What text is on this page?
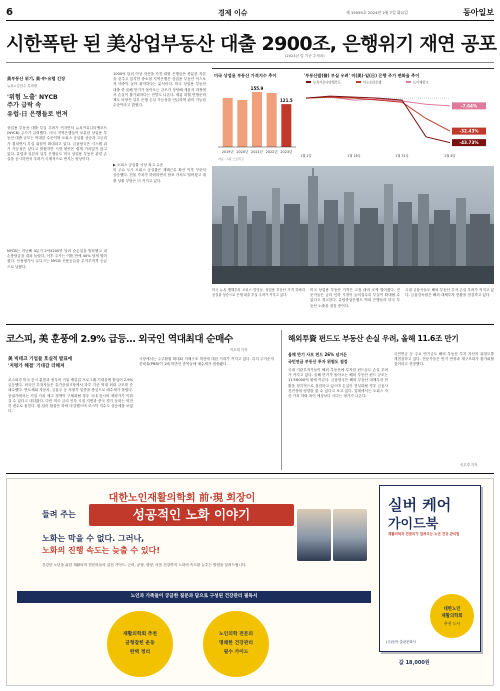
6	경제 이슈	제 19555호 2024년 2월 7일 화요일	동아일보
시한폭탄 된 美상업부동산 대출 2900조, 은행위기 재연 공포
(2023년 말 기준 추정치)
美부동산 위기, 美·中·유럽 긴장
뉴욕=김현수 특파원
'위험 노출' NYCB
주가 급락 속
유럽·日 은행들로 번져
상업용 부동산 대출 부실 우려가 커지면서 뉴욕커뮤니티뱅코프(NYCB) 주가가 급락했다. 미국 지역은행들이 보유한 상업용 부동산 대출 규모는 막대한 수준이며 오피스 공실률 상승과 고금리가 겹치면서 부실 위험이 확대되고 있다. 금융당국은 시스템 위기 가능성은 낮다고 밝혔지만 시장 불안은 쉽게 가라앉지 않고 있다. 유럽과 일본의 일부 은행들도 미국 상업용 부동산 관련 손실을 공시하면서 우려가 국제적으로 번지는 양상이다.
NYCB는 지난해 4분기 2억5200만 달러 순손실을 발표했고 대손충당금을 대폭 늘렸다. 이후 주가는 이틀 만에 40% 넘게 떨어졌다. 신용평가사 무디스는 NYCB 신용등급을 투자부적격 등급으로 낮췄다.
1000억 달러 이상 자산을 가진 대형 은행들은 충분한 자본을 갖추고 있지만 중소형 지역은행은 상업용 부동산 익스포저 비중이 높아 취약하다는 분석이다. 미국 상업용 부동산 대출 중 올해 만기가 돌아오는 규모가 상당해 재융자 과정에서 손실이 불가피하다는 전망도 나온다. 제롬 파월 연방준비제도 의장은 일부 은행 손실 가능성을 언급하며 관리 가능한 수준이라고 밝혔다.
▶ 오피스 공실률 사상 최고 수준
미 주요 도시 오피스 공실률은 재택근무 확산 이후 꾸준히 상승했다. 건물 가치가 하락하면서 담보 가치도 떨어졌고 대출 상환 부담은 더 커지고 있다.
미국 상업용 부동산 가격지수 추이	'부동산발(發) 부실 우려' 미(美)·일(日) 은행 주가 변화율 추이
2019년 2020년 2021년
155.9
2022년 2023년
121.5
자료: 그린 스트리트
뉴욕커뮤니티뱅코프	아오조라은행	도이체방크
-7.64%
-32.43%
-43.73%
1월 2일	1월 16일	1월 31일	2월 6일
미국 뉴욕 맨해튼의 오피스 빌딩들. 상업용 부동산 가격 하락과 공실률 상승으로 은행 대출 부실 우려가 커지고 있다.
미국 상업용 부동산 가격은 고점 대비 크게 떨어졌다. 전문가들은 금리 인하 시점이 늦어질수록 부실이 확대될 수 있다고 경고한다. 유럽중앙은행도 역내 은행들의 미국 부동산 노출을 점검 중이다.
국내 금융사들도 해외 부동산 투자 손실 우려가 커지고 있다. 금융감독원은 해외 대체투자 현황을 점검하고 있다.
코스피, 美 훈풍에 2.9% 급등… 외국인 역대최대 순매수
이호재 기자
美 빅테크 기업들 호실적 발표에
'저평가 해결' 기대감 더해져
코스피가 미국 증시 훈풍과 정부의 기업 밸류업 프로그램 기대감에 힘입어 2.9% 급등했다. 외국인 투자자들은 유가증권시장에서 하루 기준 역대 최대 규모를 순매수했다. 반도체와 자동차, 금융주 등 저평가 업종을 중심으로 매수세가 몰렸다. 증권가에서는 기업 가치 제고 정책이 구체화될 경우 국내 증시의 재평가가 이뤄질 수 있다고 내다봤다. 다만 미국 금리 인하 시점 지연과 중국 경기 둔화는 여전히 변수로 꼽힌다. 원-달러 환율은 하락 마감했으며 코스닥 지수도 상승세를 보였다.
시장에서는 주주환원 확대와 지배구조 개선에 대한 기대가 커지고 있다. 특히 주가순자산비율(PBR)이 1배 미만인 종목들에 매수세가 집중됐다.
해외투資 펀드도 부동산 손실 우려, 올해 11.6조 만기
올해 만기 사모 펀드 26% 넘거든
국민연금 부동산 투자 위험도 점검
국내 기관투자가들이 해외 부동산에 투자한 펀드들도 손실 우려가 커지고 있다. 올해 만기가 돌아오는 해외 부동산 펀드 규모는 11조6000억 원에 이른다. 금융당국은 해외 부동산 대체투자 현황을 정기적으로 점검하고 있으며 손실이 현실화될 경우 금융사 건전성에 영향을 줄 수 있다고 보고 있다. 업계에서는 오피스 자산 가치 하락 폭이 예상보다 크다는 평가가 나온다.
국민연금 등 주요 연기금도 해외 부동산 투자 자산의 위험도를 재점검하고 있다. 전문가들은 만기 연장과 재구조화가 불가피할 것이라고 전망했다.
신무경 기자
대한노인재활의학회 前·現 회장이
들려 주는	성공적인 노화 이야기
노화는 막을 수 없다. 그러나,
노화의 진행 속도는 늦출 수 있다!
건강한 노년을 위한 재활의학 전문의들의 실천 가이드. 근력, 균형, 영양, 마음 건강까지 노화의 속도를 늦추는 방법을 알려드립니다.
실버 케어
가이드북
재활의학과 전문의가 알려주는 노년 건강 관리법
대한노인
재활의학회
추천 도서
(주)동아 출판문화사
노인과 가족들이 궁금한 질문과 답으로 구성된 건강관리 필독서
재활의학회 추천
균형잡힌 운동
완벽 정리
노인의학 전문의
명쾌한 건강관리
필수 가이드
값 18,000원
